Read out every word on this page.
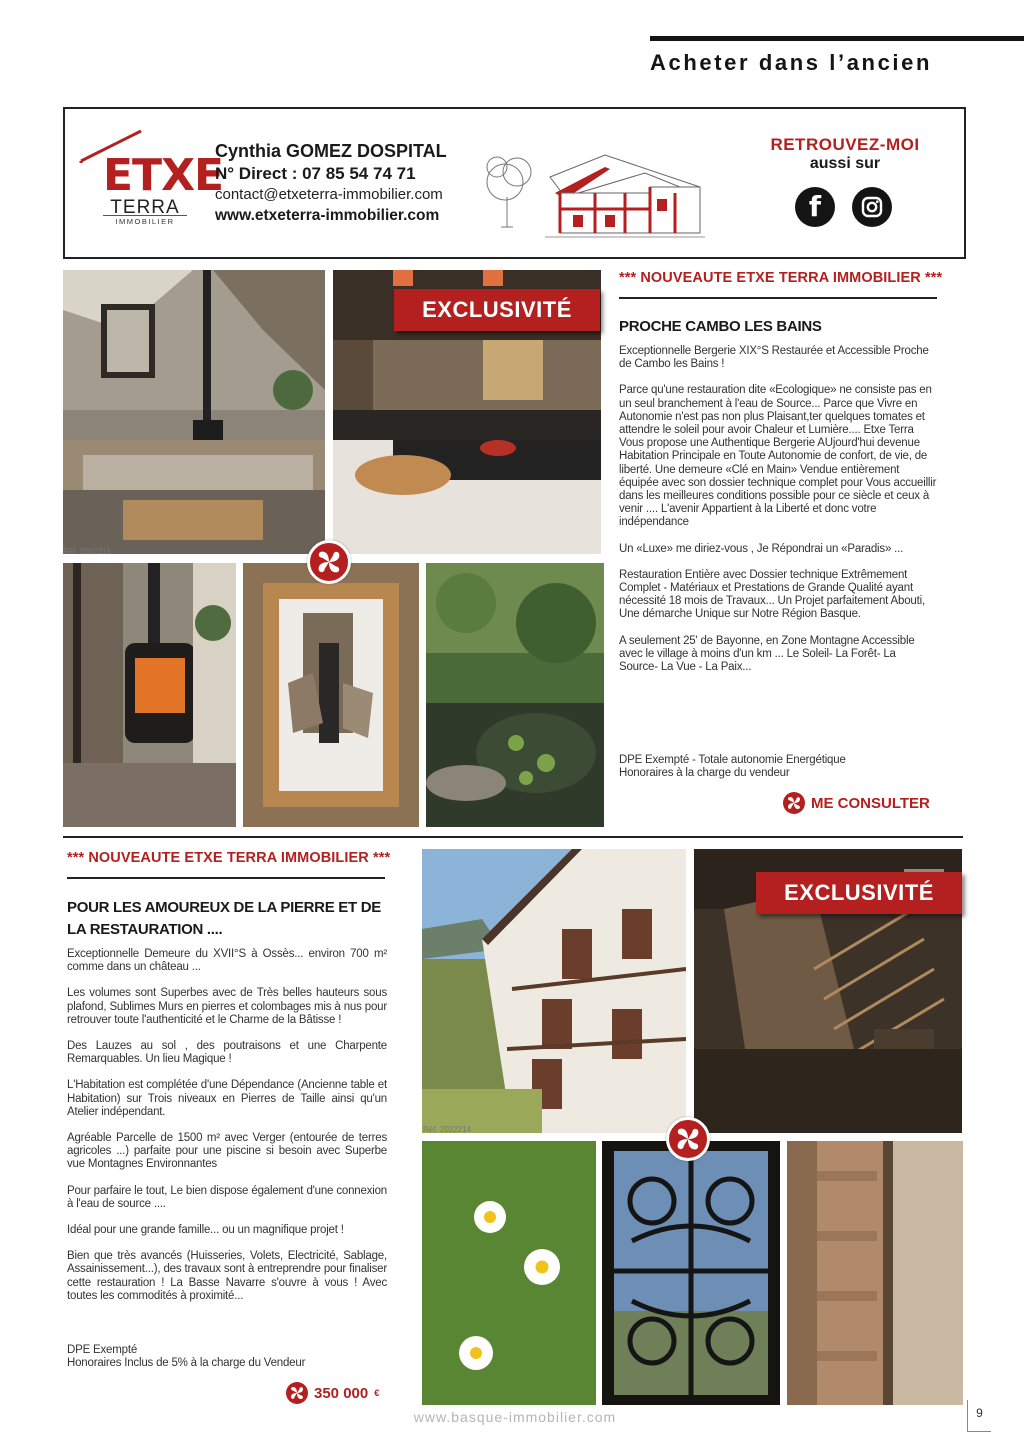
Acheter dans l’ancien
ETXE
TERRA
IMMOBILIER
Cynthia GOMEZ DOSPITAL
N° Direct : 07 85 54 74 71
contact@etxeterra-immobilier.com
www.etxeterra-immobilier.com
RETROUVEZ-MOI
aussi sur
f
Réf. 2022215
EXCLUSIVITÉ
*** NOUVEAUTE ETXE TERRA IMMOBILIER ***
PROCHE CAMBO LES BAINS

Exceptionnelle Bergerie XIX°S Restaurée et Accessible Proche de Cambo les Bains !

Parce qu'une restauration dite «Ecologique» ne consiste pas en un seul branchement à l'eau de Source... Parce que Vivre en Autonomie n'est pas non plus Plaisant,ter quelques tomates et attendre le soleil pour avoir Chaleur et Lumière.... Etxe Terra Vous propose une Authentique Bergerie AUjourd'hui devenue Habitation Principale en Toute Autonomie de confort, de vie, de liberté. Une demeure «Clé en Main» Vendue entièrement équipée avec son dossier technique complet pour Vous accueillir dans les meilleures conditions possible pour ce siècle et ceux à venir .... L'avenir Appartient à la Liberté et donc votre indépendance

Un «Luxe» me diriez-vous , Je Répondrai un «Paradis» ...

Restauration Entière avec Dossier technique Extrêmement Complet - Matériaux et Prestations de Grande Qualité ayant nécessité 18 mois de Travaux... Un Projet parfaitement Abouti, Une démarche Unique sur Notre Région Basque.

A seulement 25' de Bayonne, en Zone Montagne Accessible avec le village à moins d'un km ... Le Soleil- La Forêt- La Source- La Vue - La Paix...

DPE Exempté - Totale autonomie Energétique
Honoraires à la charge du vendeur
ME CONSULTER
*** NOUVEAUTE ETXE TERRA IMMOBILIER ***
POUR LES AMOUREUX DE LA PIERRE ET DE LA RESTAURATION ....

Exceptionnelle Demeure du XVII°S à Ossès... environ 700 m² comme dans un château ...

Les volumes sont Superbes avec de Très belles hauteurs sous plafond, Sublimes Murs en pierres et colombages mis à nus pour retrouver toute l'authenticité et le Charme de la Bâtisse !

Des Lauzes au sol , des poutraisons et une Charpente Remarquables. Un lieu Magique !

L'Habitation est complétée d'une Dépendance (Ancienne table et Habitation) sur Trois niveaux en Pierres de Taille ainsi qu'un Atelier indépendant.

Agréable Parcelle de 1500 m² avec Verger (entourée de terres agricoles ...) parfaite pour une piscine si besoin avec Superbe vue Montagnes Environnantes

Pour parfaire le tout, Le bien dispose également d'une connexion à l'eau de source ....

Idéal pour une grande famille... ou un magnifique projet !

Bien que très avancés (Huisseries, Volets, Electricité, Sablage, Assainissement...), des travaux sont à entreprendre pour finaliser cette restauration ! La Basse Navarre s'ouvre à vous ! Avec toutes les commodités à proximité...

DPE Exempté
Honoraires Inclus de 5% à la charge du Vendeur
350 000 €
Réf. 2022214
EXCLUSIVITÉ
www.basque-immobilier.com	9
